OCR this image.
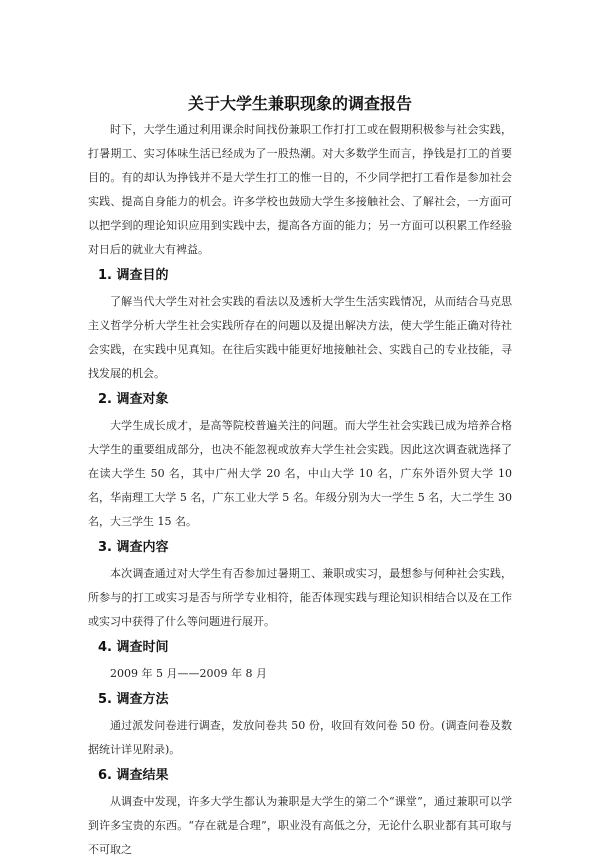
关于大学生兼职现象的调查报告

时下，大学生通过利用课余时间找份兼职工作打打工或在假期积极参与社会实践，打暑期工、实习体味生活已经成为了一股热潮。对大多数学生而言，挣钱是打工的首要目的。有的却认为挣钱并不是大学生打工的惟一目的，不少同学把打工看作是参加社会实践、提高自身能力的机会。许多学校也鼓励大学生多接触社会、了解社会，一方面可以把学到的理论知识应用到实践中去，提高各方面的能力；另一方面可以积累工作经验对日后的就业大有裨益。

1. 调查目的

了解当代大学生对社会实践的看法以及透析大学生生活实践情况，从而结合马克思主义哲学分析大学生社会实践所存在的问题以及提出解决方法，使大学生能正确对待社会实践，在实践中见真知。在往后实践中能更好地接触社会、实践自己的专业技能，寻找发展的机会。

2. 调查对象

大学生成长成才，是高等院校普遍关注的问题。而大学生社会实践已成为培养合格大学生的重要组成部分，也决不能忽视或放弃大学生社会实践。因此这次调查就选择了在读大学生 50 名，其中广州大学 20 名，中山大学 10 名，广东外语外贸大学 10 名，华南理工大学 5 名，广东工业大学 5 名。年级分别为大一学生 5 名，大二学生 30 名，大三学生 15 名。

3. 调查内容

本次调查通过对大学生有否参加过暑期工、兼职或实习，最想参与何种社会实践，所参与的打工或实习是否与所学专业相符，能否体现实践与理论知识相结合以及在工作或实习中获得了什么等问题进行展开。

4. 调查时间

2009 年 5 月——2009 年 8 月

5. 调查方法

通过派发问卷进行调查，发放问卷共 50 份，收回有效问卷 50 份。(调查问卷及数据统计详见附录)。

6. 调查结果

从调查中发现，许多大学生都认为兼职是大学生的第二个“课堂”，通过兼职可以学到许多宝贵的东西。“存在就是合理”，职业没有高低之分，无论什么职业都有其可取与不可取之
